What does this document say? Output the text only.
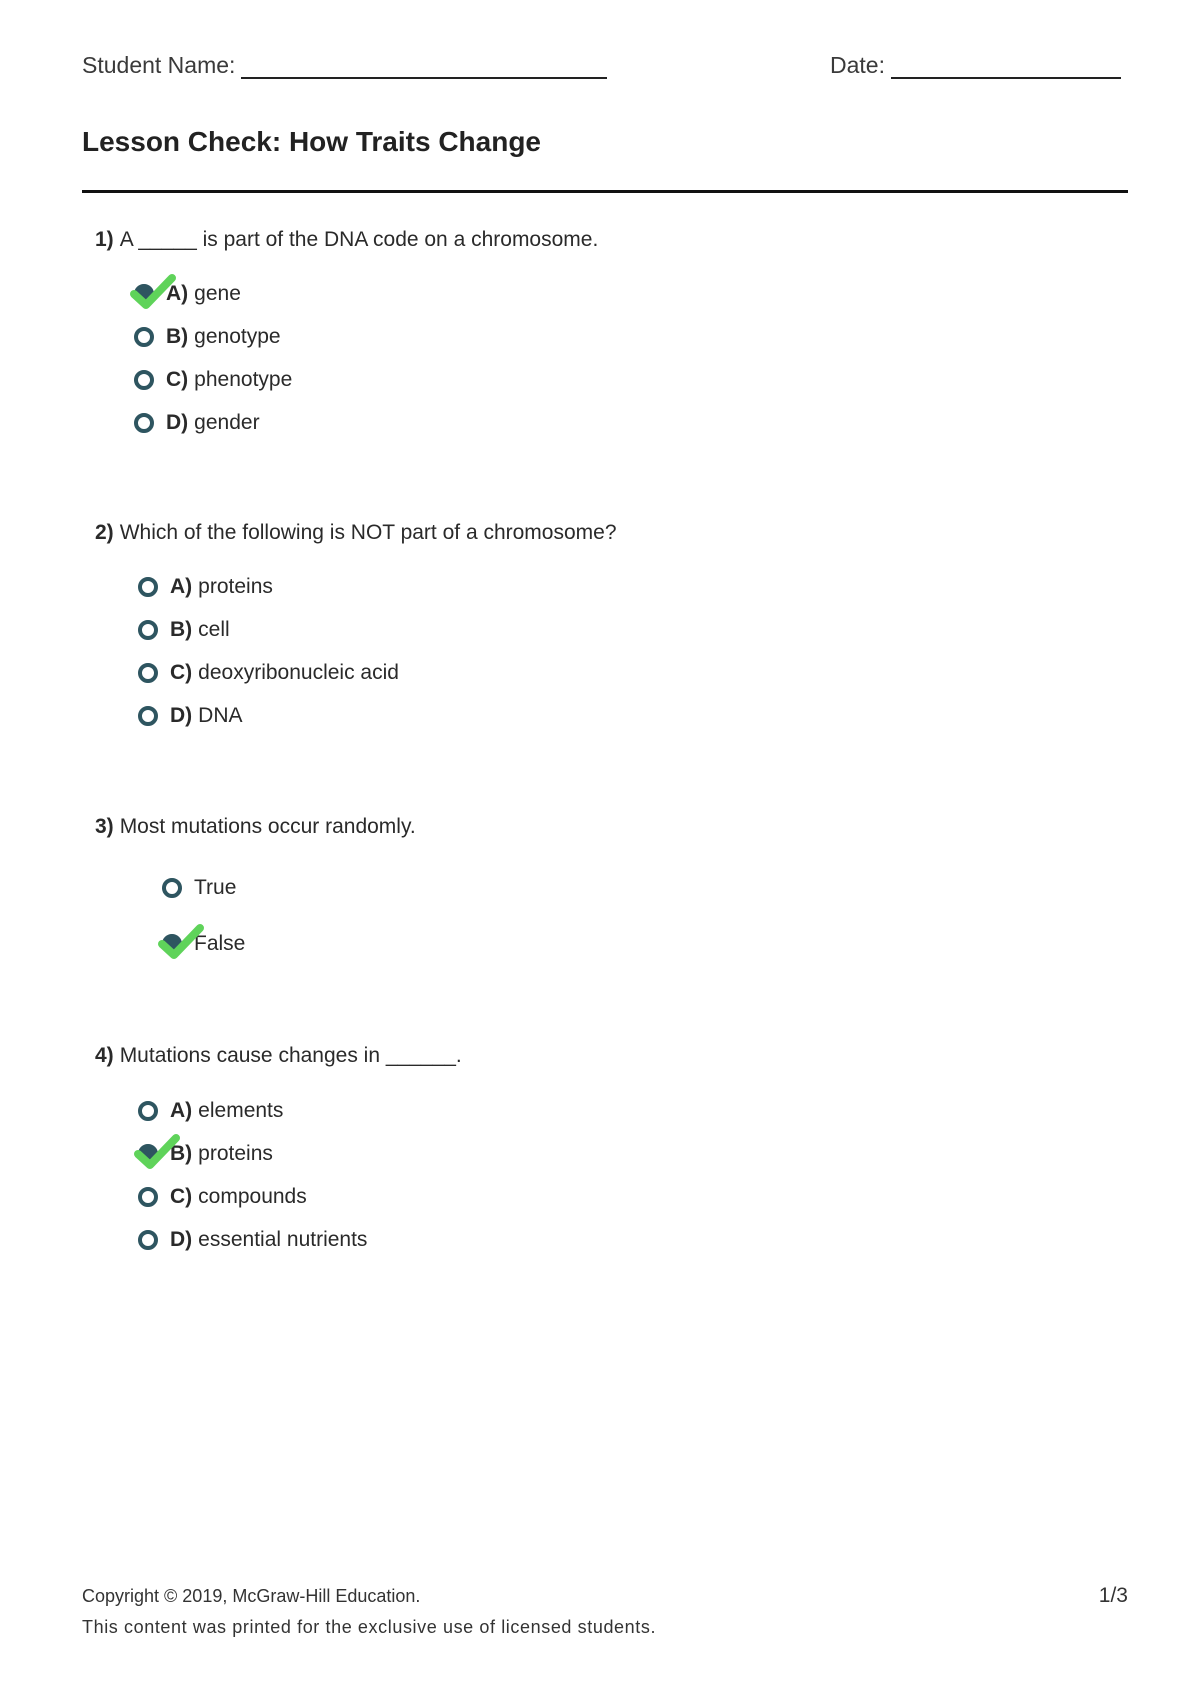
Student Name:	Date:
Lesson Check: How Traits Change
1) A _____ is part of the DNA code on a chromosome.
A) gene
B) genotype
C) phenotype
D) gender
2) Which of the following is NOT part of a chromosome?
A) proteins
B) cell
C) deoxyribonucleic acid
D) DNA
3) Most mutations occur randomly.
True
False
4) Mutations cause changes in ______.
A) elements
B) proteins
C) compounds
D) essential nutrients
Copyright © 2019, McGraw-Hill Education.
This content was printed for the exclusive use of licensed students.
1/3
